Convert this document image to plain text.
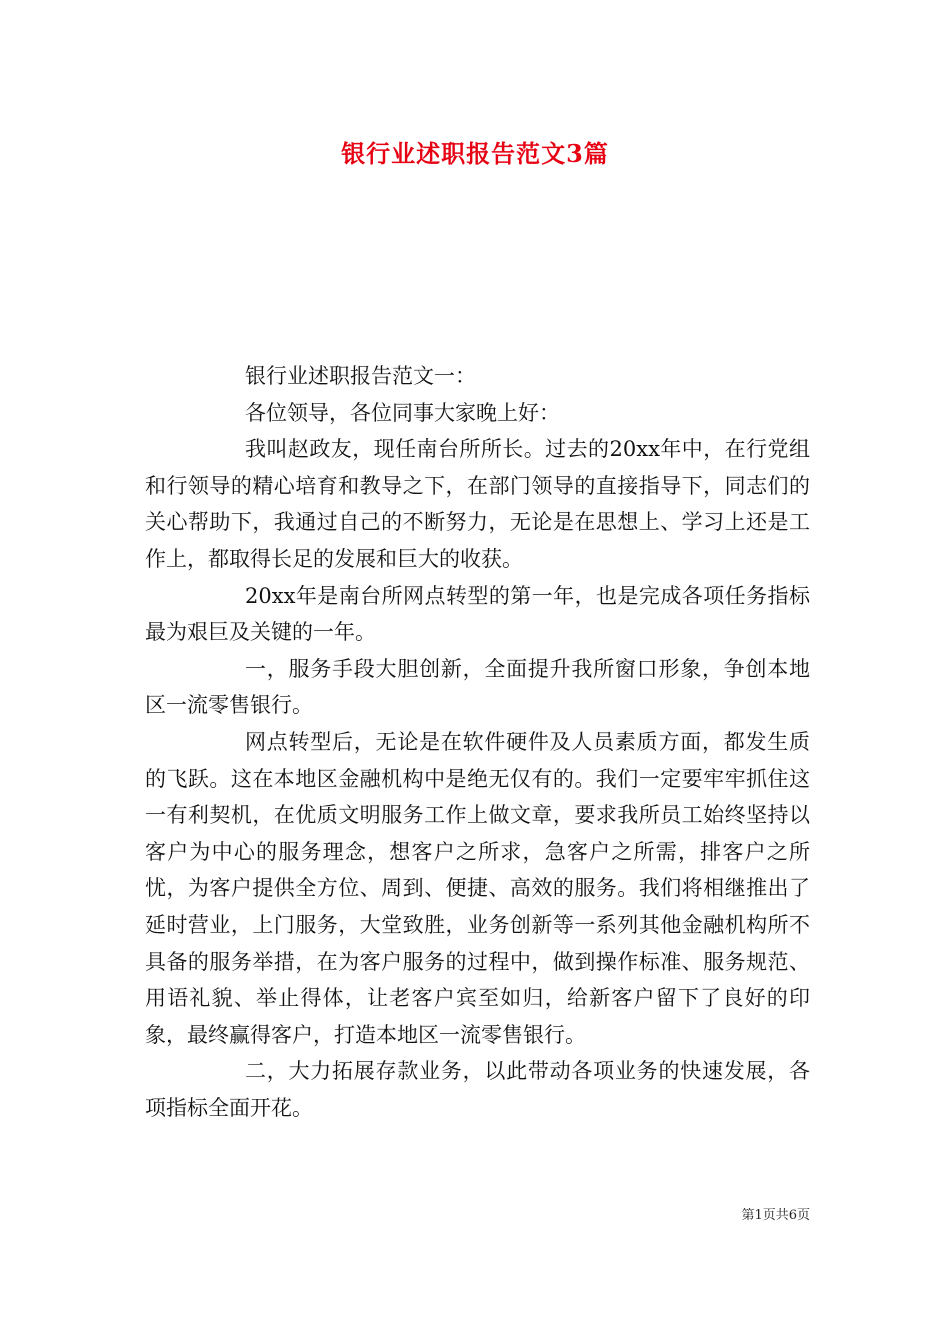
银行业述职报告范文3篇

银行业述职报告范文一：

各位领导，各位同事大家晚上好：

我叫赵政友，现任南台所所长。过去的20xx年中，在行党组和行领导的精心培育和教导之下，在部门领导的直接指导下，同志们的关心帮助下，我通过自己的不断努力，无论是在思想上、学习上还是工作上，都取得长足的发展和巨大的收获。

20xx年是南台所网点转型的第一年，也是完成各项任务指标最为艰巨及关键的一年。

一，服务手段大胆创新，全面提升我所窗口形象，争创本地区一流零售银行。

网点转型后，无论是在软件硬件及人员素质方面，都发生质的飞跃。这在本地区金融机构中是绝无仅有的。我们一定要牢牢抓住这一有利契机，在优质文明服务工作上做文章，要求我所员工始终坚持以客户为中心的服务理念，想客户之所求，急客户之所需，排客户之所忧，为客户提供全方位、周到、便捷、高效的服务。我们将相继推出了延时营业，上门服务，大堂致胜，业务创新等一系列其他金融机构所不具备的服务举措，在为客户服务的过程中，做到操作标准、服务规范、用语礼貌、举止得体，让老客户宾至如归，给新客户留下了良好的印象，最终赢得客户，打造本地区一流零售银行。

二，大力拓展存款业务，以此带动各项业务的快速发展，各项指标全面开花。

第1页共6页
